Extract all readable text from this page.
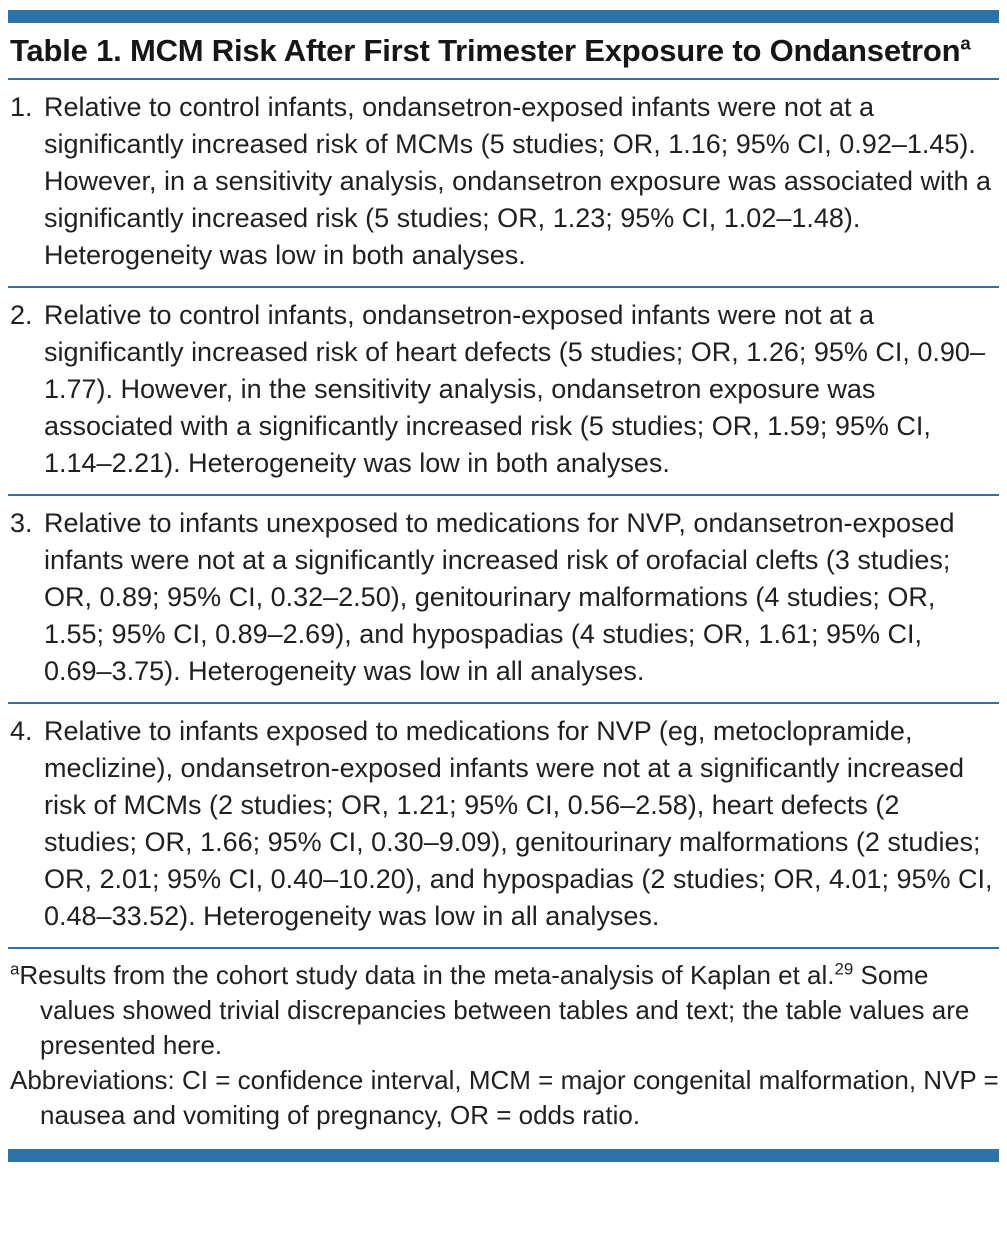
Table 1. MCM Risk After First Trimester Exposure to Ondansetron$^a$
1. Relative to control infants, ondansetron-exposed infants were not at a significantly increased risk of MCMs (5 studies; OR, 1.16; 95% CI, 0.92–1.45). However, in a sensitivity analysis, ondansetron exposure was associated with a significantly increased risk (5 studies; OR, 1.23; 95% CI, 1.02–1.48). Heterogeneity was low in both analyses.
2. Relative to control infants, ondansetron-exposed infants were not at a significantly increased risk of heart defects (5 studies; OR, 1.26; 95% CI, 0.90–1.77). However, in the sensitivity analysis, ondansetron exposure was associated with a significantly increased risk (5 studies; OR, 1.59; 95% CI, 1.14–2.21). Heterogeneity was low in both analyses.
3. Relative to infants unexposed to medications for NVP, ondansetron-exposed infants were not at a significantly increased risk of orofacial clefts (3 studies; OR, 0.89; 95% CI, 0.32–2.50), genitourinary malformations (4 studies; OR, 1.55; 95% CI, 0.89–2.69), and hypospadias (4 studies; OR, 1.61; 95% CI, 0.69–3.75). Heterogeneity was low in all analyses.
4. Relative to infants exposed to medications for NVP (eg, metoclopramide, meclizine), ondansetron-exposed infants were not at a significantly increased risk of MCMs (2 studies; OR, 1.21; 95% CI, 0.56–2.58), heart defects (2 studies; OR, 1.66; 95% CI, 0.30–9.09), genitourinary malformations (2 studies; OR, 2.01; 95% CI, 0.40–10.20), and hypospadias (2 studies; OR, 4.01; 95% CI, 0.48–33.52). Heterogeneity was low in all analyses.

$^a$Results from the cohort study data in the meta-analysis of Kaplan et al.$^{29}$ Some values showed trivial discrepancies between tables and text; the table values are presented here.

Abbreviations: CI = confidence interval, MCM = major congenital malformation, NVP = nausea and vomiting of pregnancy, OR = odds ratio.
